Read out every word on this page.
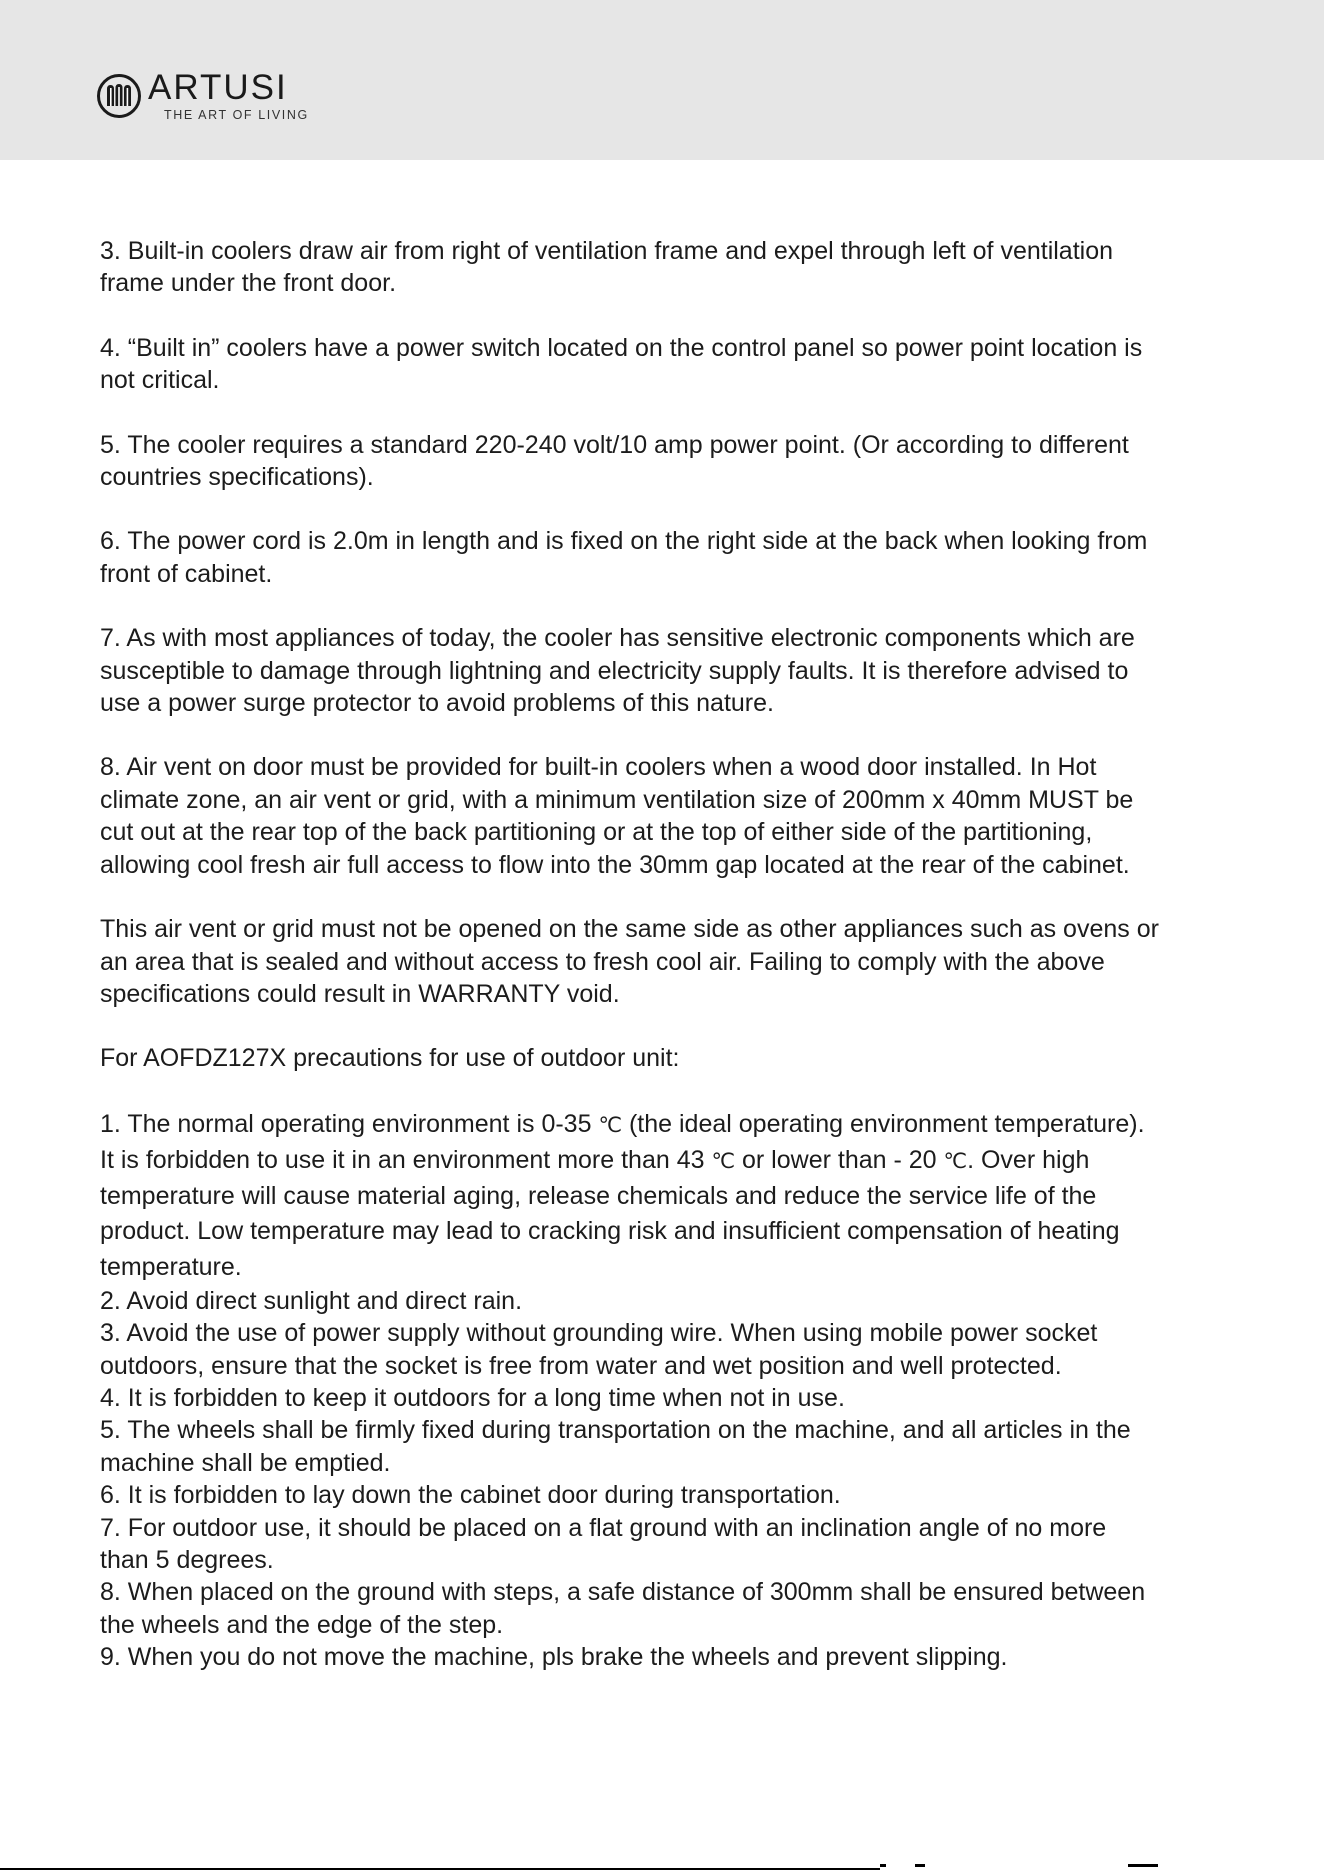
ARTUSI
THE ART OF LIVING

3. Built-in coolers draw air from right of ventilation frame and expel through left of ventilation frame under the front door.

4. “Built in” coolers have a power switch located on the control panel so power point location is not critical.

5. The cooler requires a standard 220-240 volt/10 amp power point. (Or according to different countries specifications).

6. The power cord is 2.0m in length and is fixed on the right side at the back when looking from front of cabinet.

7. As with most appliances of today, the cooler has sensitive electronic components which are susceptible to damage through lightning and electricity supply faults. It is therefore advised to use a power surge protector to avoid problems of this nature.

8. Air vent on door must be provided for built-in coolers when a wood door installed. In Hot climate zone, an air vent or grid, with a minimum ventilation size of 200mm x 40mm MUST be cut out at the rear top of the back partitioning or at the top of either side of the partitioning, allowing cool fresh air full access to flow into the 30mm gap located at the rear of the cabinet.

This air vent or grid must not be opened on the same side as other appliances such as ovens or an area that is sealed and without access to fresh cool air. Failing to comply with the above specifications could result in WARRANTY void.

For AOFDZ127X precautions for use of outdoor unit:

1. The normal operating environment is 0-35 ℃ (the ideal operating environment temperature). It is forbidden to use it in an environment more than 43 ℃ or lower than - 20 ℃. Over high temperature will cause material aging, release chemicals and reduce the service life of the product. Low temperature may lead to cracking risk and insufficient compensation of heating temperature.

2. Avoid direct sunlight and direct rain.

3. Avoid the use of power supply without grounding wire. When using mobile power socket outdoors, ensure that the socket is free from water and wet position and well protected.

4. It is forbidden to keep it outdoors for a long time when not in use.

5. The wheels shall be firmly fixed during transportation on the machine, and all articles in the machine shall be emptied.

6. It is forbidden to lay down the cabinet door during transportation.

7. For outdoor use, it should be placed on a flat ground with an inclination angle of no more than 5 degrees.

8. When placed on the ground with steps, a safe distance of 300mm shall be ensured between the wheels and the edge of the step.

9. When you do not move the machine, pls brake the wheels and prevent slipping.
